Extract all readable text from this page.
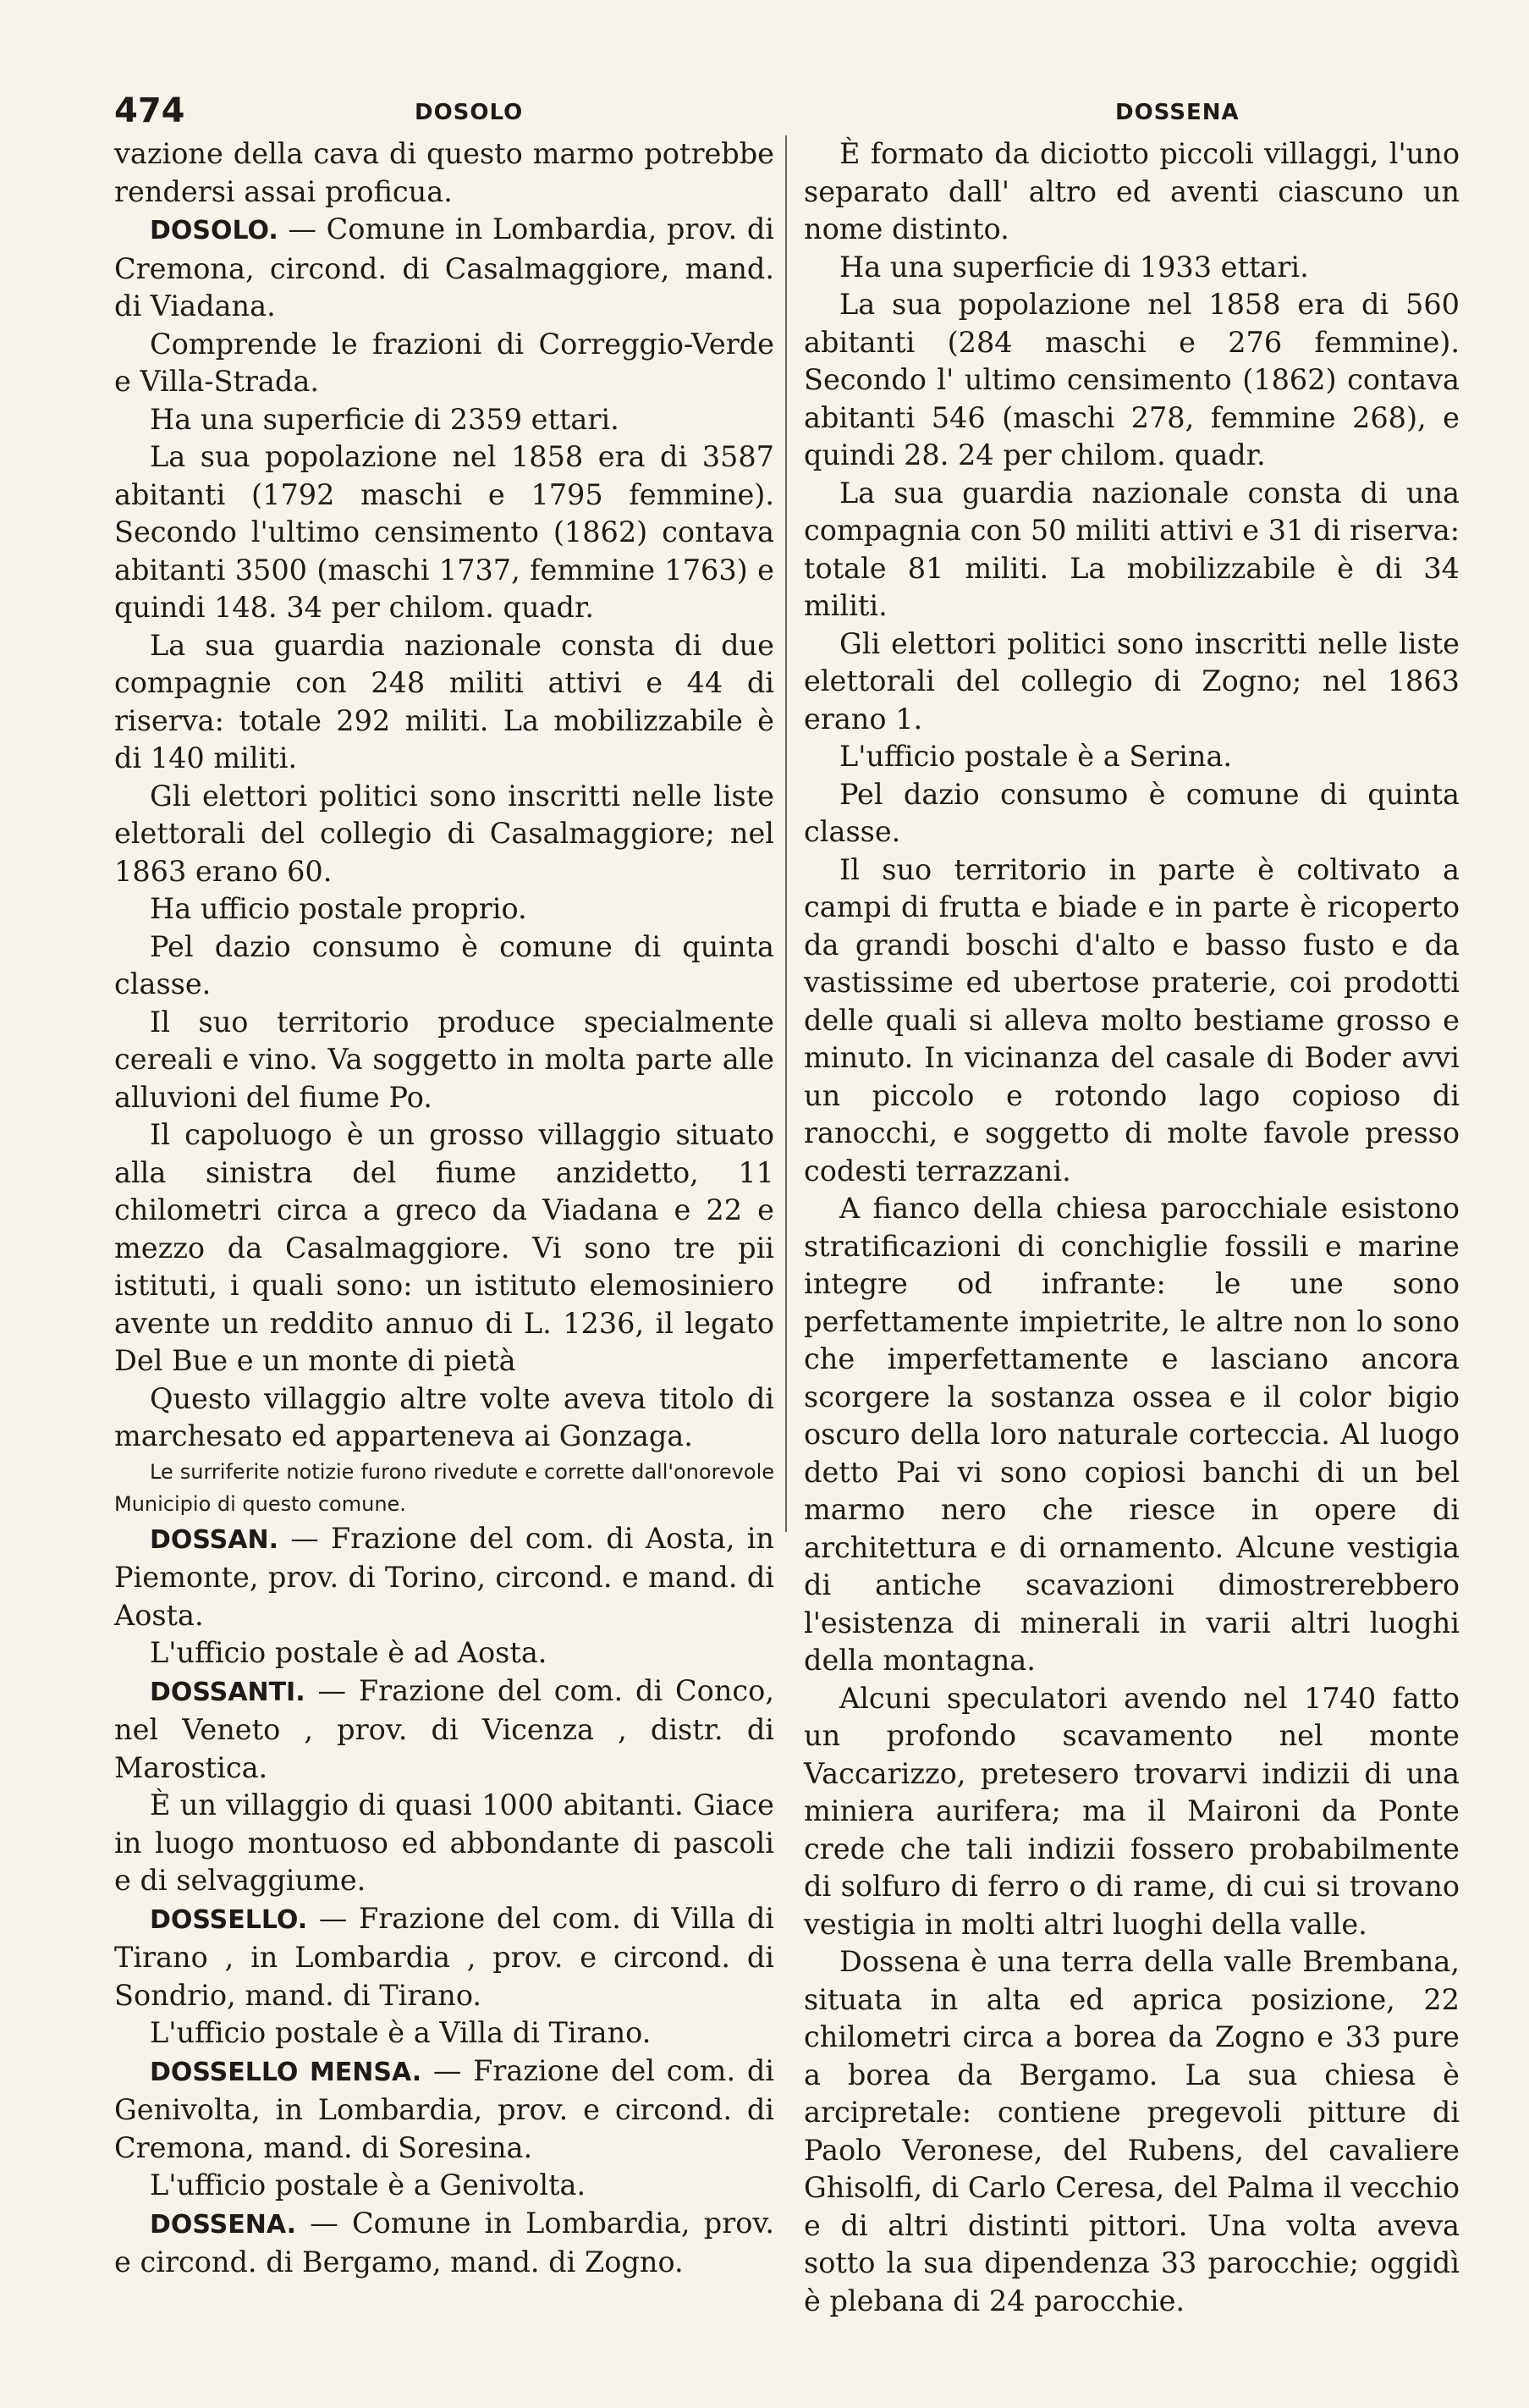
474	DOSOLO	DOSSENA

vazione della cava di questo marmo potrebbe rendersi assai proficua.

DOSOLO. — Comune in Lombardia, prov. di Cremona, circond. di Casalmaggiore, mand. di Viadana.

Comprende le frazioni di Correggio-Verde e Villa-Strada.

Ha una superficie di 2359 ettari.

La sua popolazione nel 1858 era di 3587 abitanti (1792 maschi e 1795 femmine). Secondo l'ultimo censimento (1862) contava abitanti 3500 (maschi 1737, femmine 1763) e quindi 148. 34 per chilom. quadr.

La sua guardia nazionale consta di due compagnie con 248 militi attivi e 44 di riserva: totale 292 militi. La mobilizzabile è di 140 militi.

Gli elettori politici sono inscritti nelle liste elettorali del collegio di Casalmaggiore; nel 1863 erano 60.

Ha ufficio postale proprio.

Pel dazio consumo è comune di quinta classe.

Il suo territorio produce specialmente cereali e vino. Va soggetto in molta parte alle alluvioni del fiume Po.

Il capoluogo è un grosso villaggio situato alla sinistra del fiume anzidetto, 11 chilometri circa a greco da Viadana e 22 e mezzo da Casalmaggiore. Vi sono tre pii istituti, i quali sono: un istituto elemosiniero avente un reddito annuo di L. 1236, il legato Del Bue e un monte di pietà

Questo villaggio altre volte aveva titolo di marchesato ed apparteneva ai Gonzaga.

Le surriferite notizie furono rivedute e corrette dall'onorevole Municipio di questo comune.

DOSSAN. — Frazione del com. di Aosta, in Piemonte, prov. di Torino, circond. e mand. di Aosta.

L'ufficio postale è ad Aosta.

DOSSANTI. — Frazione del com. di Conco, nel Veneto , prov. di Vicenza , distr. di Marostica.

È un villaggio di quasi 1000 abitanti. Giace in luogo montuoso ed abbondante di pascoli e di selvaggiume.

DOSSELLO. — Frazione del com. di Villa di Tirano , in Lombardia , prov. e circond. di Sondrio, mand. di Tirano.

L'ufficio postale è a Villa di Tirano.

DOSSELLO MENSA. — Frazione del com. di Genivolta, in Lombardia, prov. e circond. di Cremona, mand. di Soresina.

L'ufficio postale è a Genivolta.

DOSSENA. — Comune in Lombardia, prov. e circond. di Bergamo, mand. di Zogno.

È formato da diciotto piccoli villaggi, l'uno separato dall' altro ed aventi ciascuno un nome distinto.

Ha una superficie di 1933 ettari.

La sua popolazione nel 1858 era di 560 abitanti (284 maschi e 276 femmine). Secondo l' ultimo censimento (1862) contava abitanti 546 (maschi 278, femmine 268), e quindi 28. 24 per chilom. quadr.

La sua guardia nazionale consta di una compagnia con 50 militi attivi e 31 di riserva: totale 81 militi. La mobilizzabile è di 34 militi.

Gli elettori politici sono inscritti nelle liste elettorali del collegio di Zogno; nel 1863 erano 1.

L'ufficio postale è a Serina.

Pel dazio consumo è comune di quinta classe.

Il suo territorio in parte è coltivato a campi di frutta e biade e in parte è ricoperto da grandi boschi d'alto e basso fusto e da vastissime ed ubertose praterie, coi prodotti delle quali si alleva molto bestiame grosso e minuto. In vicinanza del casale di Boder avvi un piccolo e rotondo lago copioso di ranocchi, e soggetto di molte favole presso codesti terrazzani.

A fianco della chiesa parocchiale esistono stratificazioni di conchiglie fossili e marine integre od infrante: le une sono perfettamente impietrite, le altre non lo sono che imperfettamente e lasciano ancora scorgere la sostanza ossea e il color bigio oscuro della loro naturale corteccia. Al luogo detto Pai vi sono copiosi banchi di un bel marmo nero che riesce in opere di architettura e di ornamento. Alcune vestigia di antiche scavazioni dimostrerebbero l'esistenza di minerali in varii altri luoghi della montagna.

Alcuni speculatori avendo nel 1740 fatto un profondo scavamento nel monte Vaccarizzo, pretesero trovarvi indizii di una miniera aurifera; ma il Maironi da Ponte crede che tali indizii fossero probabilmente di solfuro di ferro o di rame, di cui si trovano vestigia in molti altri luoghi della valle.

Dossena è una terra della valle Brembana, situata in alta ed aprica posizione, 22 chilometri circa a borea da Zogno e 33 pure a borea da Bergamo. La sua chiesa è arcipretale: contiene pregevoli pitture di Paolo Veronese, del Rubens, del cavaliere Ghisolfi, di Carlo Ceresa, del Palma il vecchio e di altri distinti pittori. Una volta aveva sotto la sua dipendenza 33 parocchie; oggidì è plebana di 24 parocchie.
